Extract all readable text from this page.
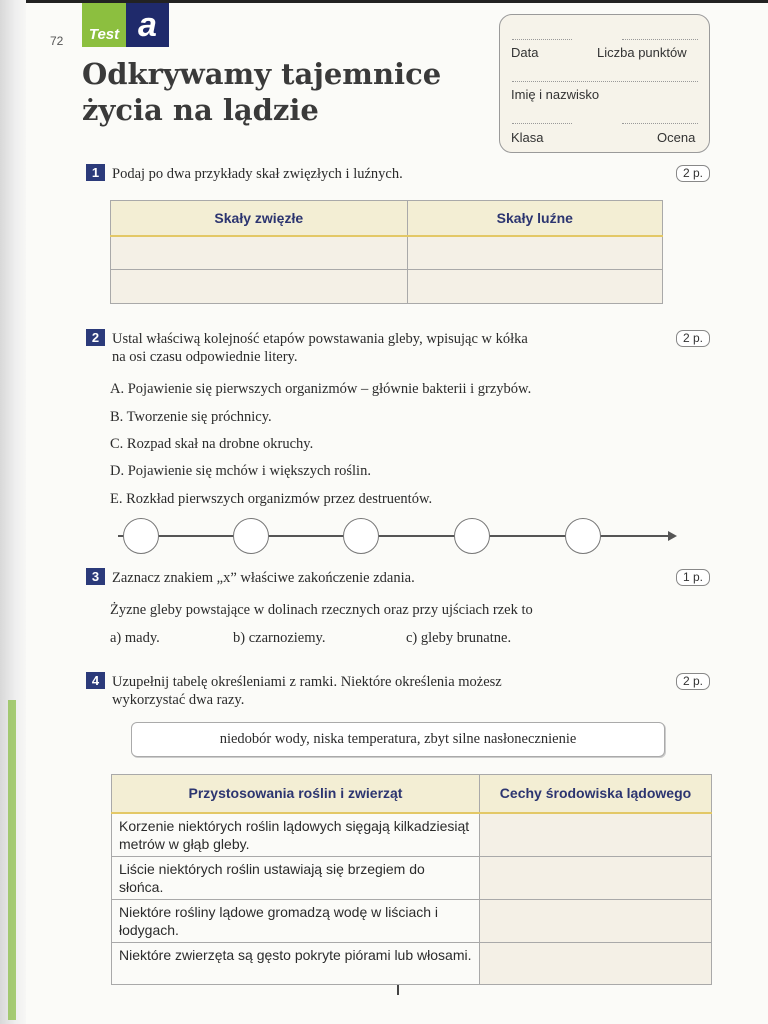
72	Test a
Odkrywamy tajemnice
życia na lądzie
Data	Liczba punktów
Imię i nazwisko
Klasa	Ocena
1 Podaj po dwa przykłady skał zwięzłych i luźnych.	2 p.
Skały zwięzłe	Skały luźne

2 Ustal właściwą kolejność etapów powstawania gleby, wpisując w kółka
na osi czasu odpowiednie litery.
2 p.
A. Pojawienie się pierwszych organizmów – głównie bakterii i grzybów.
B. Tworzenie się próchnicy.
C. Rozpad skał na drobne okruchy.
D. Pojawienie się mchów i większych roślin.
E. Rozkład pierwszych organizmów przez destruentów.
3 Zaznacz znakiem „x” właściwe zakończenie zdania.	1 p.
Żyzne gleby powstające w dolinach rzecznych oraz przy ujściach rzek to
a) mady.	b) czarnoziemy.	c) gleby brunatne.
4 Uzupełnij tabelę określeniami z ramki. Niektóre określenia możesz
wykorzystać dwa razy.
2 p.
niedobór wody, niska temperatura, zbyt silne nasłonecznienie
Przystosowania roślin i zwierząt	Cechy środowiska lądowego
Korzenie niektórych roślin lądowych sięgają kilkadziesiąt metrów w głąb gleby.	
Liście niektórych roślin ustawiają się brzegiem do słońca.	
Niektóre rośliny lądowe gromadzą wodę w liściach i łodygach.	
Niektóre zwierzęta są gęsto pokryte piórami lub włosami.	
